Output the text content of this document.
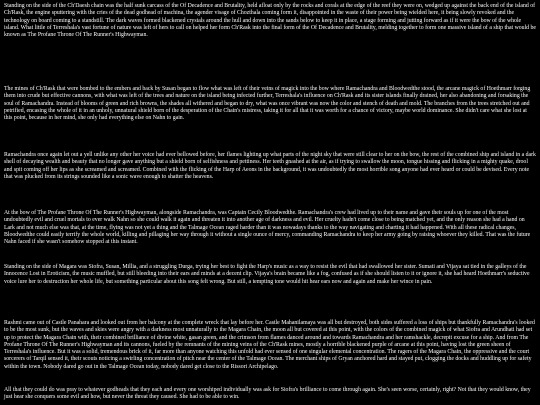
Standing on the side of the Ch'Daesh chain was the half sunk carcass of the Of Decadence and Brutality, held afloat only by the rocks and corals at the edge of the reef they were on, wedged up against the back end of the island of Ch'Rask, the engine sputtering with the cries of the dead godhead of machina, the agender visage of Chozthala coming form it, disappointed in the waste of their power being wielded here, it being slowly revoked and the technology on board coming to a standstill. The dark waves formed blackened crystals around the hull and down into the sands below to keep it in place, a stage forming and jutting forward as if it were the bow of the whole island. What little of Terreshala's vast fortune of nature was left of hers to call on helped her form Ch'Rask into the final form of the Of Decadence and Brutality, melding together to form one massive island of a ship that would be known as The Profane Throne Of The Runner's Highwayman.

The mines of Ch'Rask that were bombed to the embers and back by Susan began to flow what was left of their veins of magick into the bow where Ramachandra and Bloodwedthe stood, the arcane magick of Hoethmarr forging them into crude but effective cannons, with what was left of the trees and nature on the island being infected further, Terreshala's influence on Ch'Rask and its sister islands finally drained, her also abandoning and forsaking the soul of Ramachandra. Instead of blooms of green and rich browns, the shades all withered and began to dry, what was once vibrant was now the color and stench of death and mold. The branches from the trees stretched out and petrified, encasing the whole of it in an unholy, unnatural shield born of the desperation of the Chain's mistress, taking it for all that it was worth for a chance of victory, maybe world dominance. She didn't care what she lost at this point, because in her mind, she only had everything else on Nahn to gain.

Ramachandra once again let out a yell unlike any other her voice had ever bellowed before, her flames lighting up what parts of the night sky that were still clear to her on the bow, the rest of the combined ship and island in a dark shell of decaying wealth and beauty that no longer gave anything but a shield born of selfishness and pettiness. Her teeth gnashed at the air, as if trying to swallow the moon, tongue hissing and flicking in a mighty quake, drool and spit coming off her lips as she screamed and screamed. Combined with the flicking of the Harp of Aeons in the background, it was undoubtedly the most horrible song anyone had ever heard or could be devised. Every note that was plucked from its strings sounded like a sonic wave enough to shatter the heavens.

At the bow of The Profane Throne Of The Runner's Highwayman, alongside Ramachandra, was Captain Cecily Bloodwedthe. Ramachandra's crew had lived up to their name and gave their souls up for one of the most undoubtedly evil and cruel mortals to ever walk Nahn so she could walk it again and threaten it into another age of darkness and evil. Her cruelty hadn't come close to being matched yet, and the only reason she had a hand on Lark and not much else was that, at the time, flying was not yet a thing and the Talmage Ocean raged harder than it was nowadays thanks to the way navigating and charting it had happened. With all these radical changes, Bloodwedthe could easily terrify the whole world, killing and pillaging her way through it without a single ounce of mercy, commanding Ramachandra to keep her army going by raising whoever they killed. That was the future Nahn faced if she wasn't somehow stopped at this instant.

Standing on the side of Magara was Siofra, Susan, Millia, and a struggling Durga, trying her best to fight the Harp's music as a way to resist the evil that had swallowed her sister. Sumati and Vijaya sat tied in the galleys of the Innocence Lost in Eroticism, the music muffled, but still bleeding into their ears and minds at a decent clip. Vijaya's brain became like a fog, confused as if she should listen to it or ignore it, she had heard Hoethmarr's seductive voice lure her to destruction her whole life, but something particular about this song felt wrong. But still, a tempting tone would hit hear ears now and again and make her wince in pain.

Rashmi came out of Castle Panahara and looked out from her balcony at the complete wreck that lay before her. Castle Mahanilamaya was all but destroyed, both sides suffered a loss of ships but thankfully Ramachandra's looked to be the most sunk, but the waves and skies were angry with a darkness most unnaturally to the Magara Chain, the moon all but covered at this point, with the colors of the combined magick of what Siofra and Arundhati had set up to protect the Magara Chain with, their combined brilliance of divine white, gasan green, and the crimson from flames danced around and towards Ramachandra and her ramshackle, decrepit excuse for a ship. And from The Profane Throne Of The Runner's Highwayman and its cannons, fueled by the remnants of the mining veins of the Ch'Rask mines, mostly a horrible blackened purple of arcane at this point, having lost the green sheen of Terreshala's influence. But it was a solid, tremendous brick of it, far more than anyone watching this unfold had ever sensed of one singular elemental concentration. The ragers of the Magara Chain, the oppressive and the court sorcerers of Tarqil sensed it, their scouts noticing a swirling concentration of pitch near the center of the Talmage Ocean. The merchant ships of Gryan anchored hard and stayed put, clogging the docks and huddling up for safety within the town. Nobody dared go out in the Talmage Ocean today, nobody dared get close to the Rissori Archipelago.

All that they could do was pray to whatever godheads that they each and every one worshiped individually was ask for Siofra's brilliance to come through again. She's seen worse, certainly, right? Not that they would know, they just hear she conquers some evil and how, but never the threat they caused. She had to be able to win.
